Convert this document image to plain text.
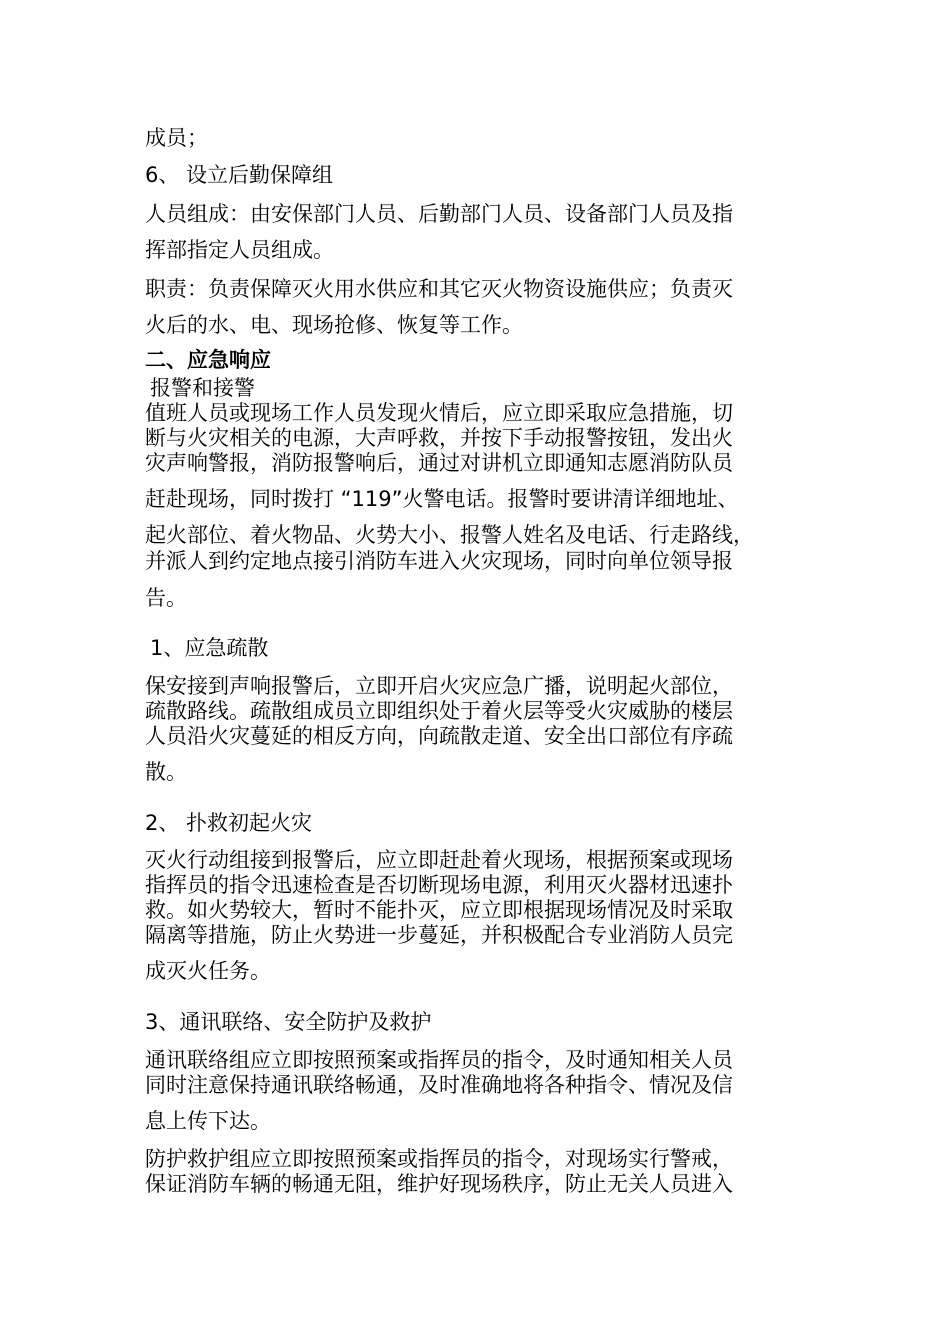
成员；
6、 设立后勤保障组
人员组成：由安保部门人员、后勤部门人员、设备部门人员及指
挥部指定人员组成。
职责：负责保障灭火用水供应和其它灭火物资设施供应；负责灭
火后的水、电、现场抢修、恢复等工作。
二、应急响应
报警和接警
值班人员或现场工作人员发现火情后，应立即采取应急措施，切
断与火灾相关的电源，大声呼救，并按下手动报警按钮，发出火
灾声响警报，消防报警响后，通过对讲机立即通知志愿消防队员
赶赴现场，同时拨打 “119”火警电话。报警时要讲清详细地址、
起火部位、着火物品、火势大小、报警人姓名及电话、行走路线，
并派人到约定地点接引消防车进入火灾现场，同时向单位领导报
告。
1、应急疏散
保安接到声响报警后，立即开启火灾应急广播，说明起火部位，
疏散路线。疏散组成员立即组织处于着火层等受火灾威胁的楼层
人员沿火灾蔓延的相反方向，向疏散走道、安全出口部位有序疏
散。
2、 扑救初起火灾
灭火行动组接到报警后，应立即赶赴着火现场，根据预案或现场
指挥员的指令迅速检查是否切断现场电源，利用灭火器材迅速扑
救。如火势较大，暂时不能扑灭，应立即根据现场情况及时采取
隔离等措施，防止火势进一步蔓延，并积极配合专业消防人员完
成灭火任务。
3、通讯联络、安全防护及救护
通讯联络组应立即按照预案或指挥员的指令，及时通知相关人员
同时注意保持通讯联络畅通，及时准确地将各种指令、情况及信
息上传下达。
防护救护组应立即按照预案或指挥员的指令，对现场实行警戒，
保证消防车辆的畅通无阻，维护好现场秩序，防止无关人员进入
